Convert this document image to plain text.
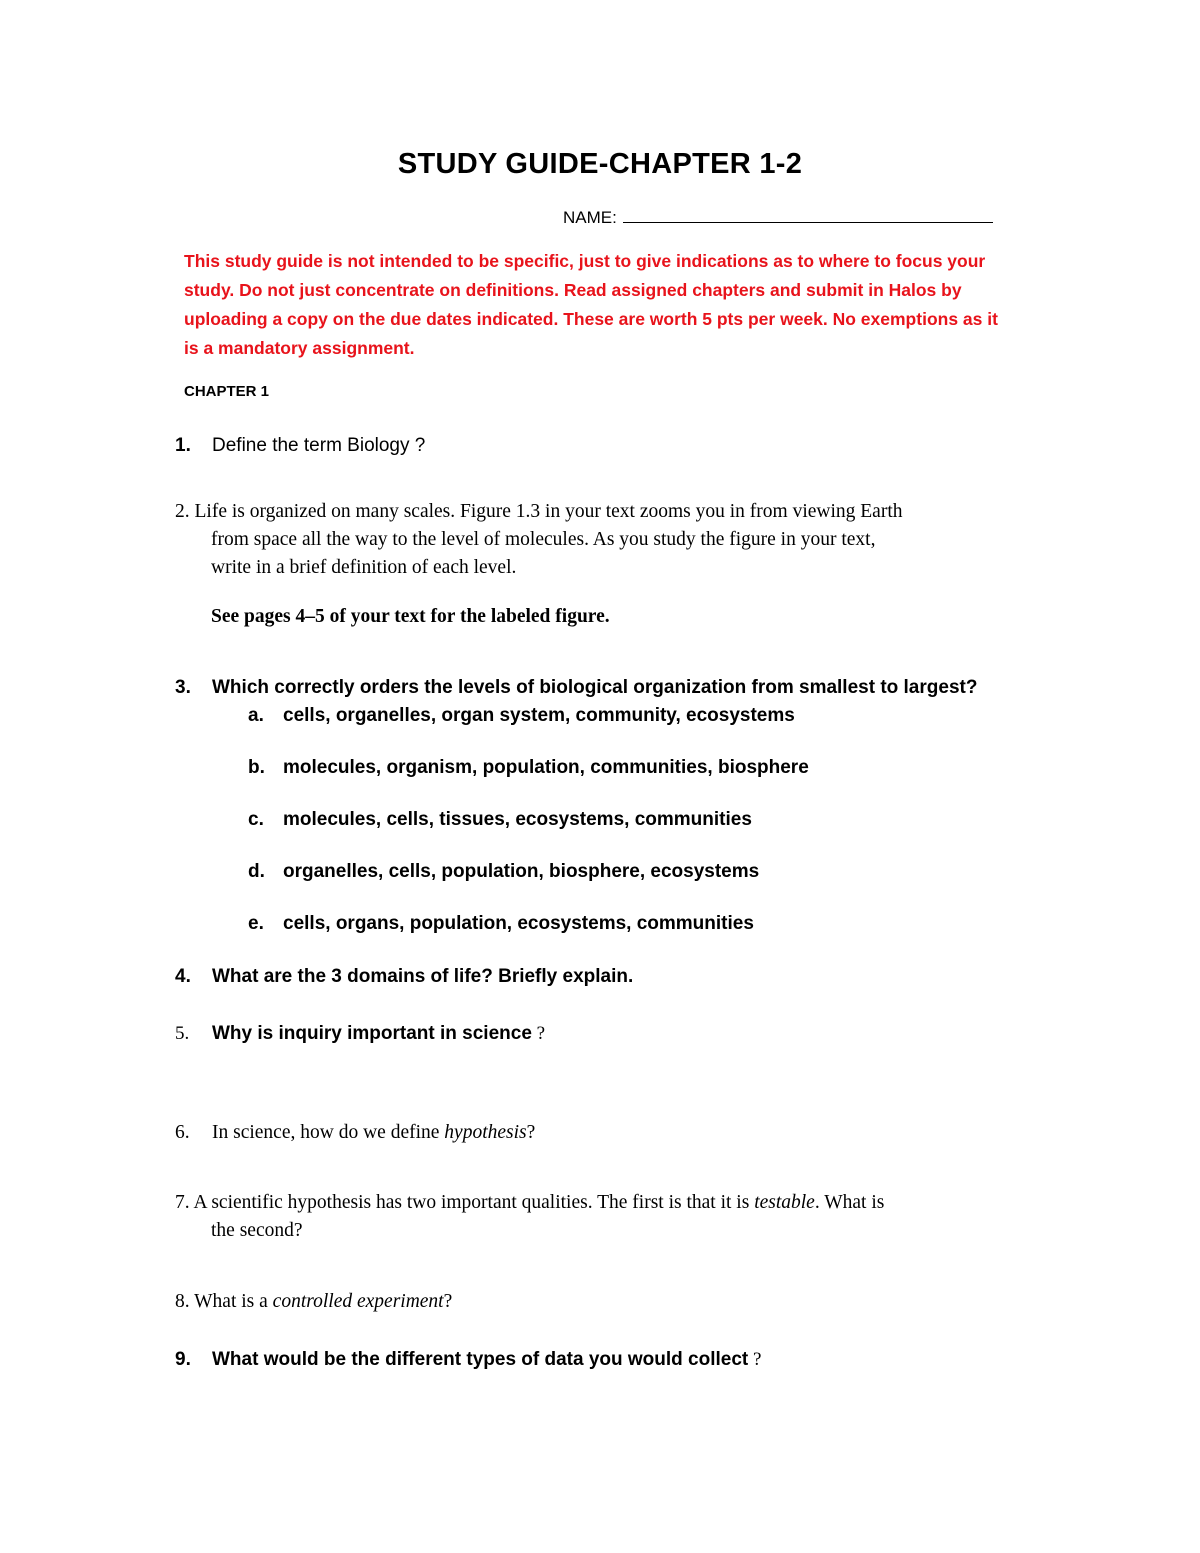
STUDY GUIDE-CHAPTER 1-2
NAME:
This study guide is not intended to be specific, just to give indications as to where to focus your
study. Do not just concentrate on definitions. Read assigned chapters and submit in Halos by
uploading a copy on the due dates indicated. These are worth 5 pts per week. No exemptions as it
is a mandatory assignment.
CHAPTER 1
1. Define the term Biology ?
2. Life is organized on many scales. Figure 1.3 in your text zooms you in from viewing Earth
from space all the way to the level of molecules. As you study the figure in your text,
write in a brief definition of each level.
See pages 4–5 of your text for the labeled figure.
3. Which correctly orders the levels of biological organization from smallest to largest?
a. cells, organelles, organ system, community, ecosystems
b. molecules, organism, population, communities, biosphere
c. molecules, cells, tissues, ecosystems, communities
d. organelles, cells, population, biosphere, ecosystems
e. cells, organs, population, ecosystems, communities
4. What are the 3 domains of life? Briefly explain.
5. Why is inquiry important in science ?
6. In science, how do we define hypothesis?
7. A scientific hypothesis has two important qualities. The first is that it is testable. What is
the second?
8. What is a controlled experiment?
9. What would be the different types of data you would collect ?
